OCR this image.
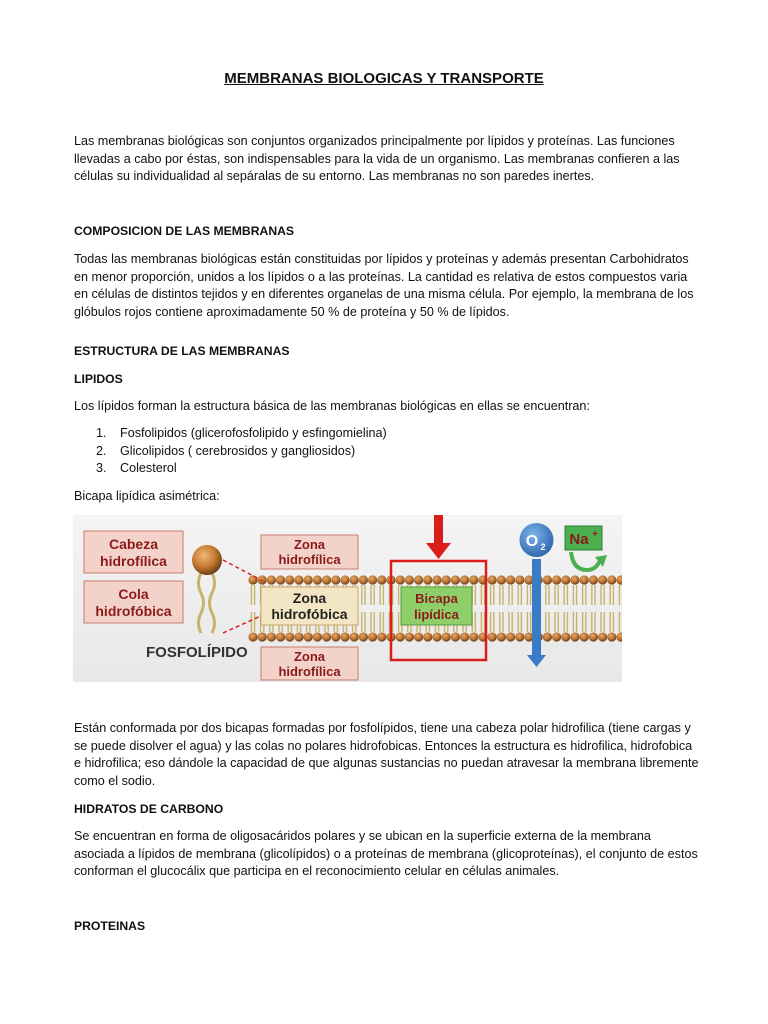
MEMBRANAS BIOLOGICAS Y TRANSPORTE
Las membranas biológicas son conjuntos organizados principalmente por lípidos y proteínas. Las funciones llevadas a cabo por éstas, son indispensables para la vida de un organismo. Las membranas confieren a las células su individualidad al sepáralas de su entorno. Las membranas no son paredes inertes.
COMPOSICION DE LAS MEMBRANAS
Todas las membranas biológicas están constituidas por lípidos y proteínas y además presentan Carbohidratos en menor proporción, unidos a los lípidos o a las proteínas. La cantidad es relativa de estos compuestos varia en células de distintos tejidos y en diferentes organelas de una misma célula. Por ejemplo, la membrana de los glóbulos rojos contiene aproximadamente 50 % de proteína y 50 % de lípidos.
ESTRUCTURA DE LAS MEMBRANAS
LIPIDOS
Los lípidos forman la estructura básica de las membranas biológicas en ellas se encuentran:
1. Fosfolipidos (glicerofosfolipido y esfingomielina)
2. Glicolipidos ( cerebrosidos y gangliosidos)
3. Colesterol
Bicapa lipídica asimétrica:
Cabeza
hidrofílica
Cola
hidrofóbica
FOSFOLÍPIDO
Zona
hidrofílica
Zona
hidrofóbica
Zona
hidrofílica
Bicapa
lipídica
O 2 Na +
Están conformada por dos bicapas formadas por fosfolípidos, tiene una cabeza polar hidrofilica (tiene cargas y se puede disolver el agua) y las colas no polares hidrofobicas. Entonces la estructura es hidrofilica, hidrofobica e hidrofilica; eso dándole la capacidad de que algunas sustancias no puedan atravesar la membrana libremente como el sodio.
HIDRATOS DE CARBONO
Se encuentran en forma de oligosacáridos polares y se ubican en la superficie externa de la membrana asociada a lípidos de membrana (glicolípidos) o a proteínas de membrana (glicoproteínas), el conjunto de estos conforman el glucocálix que participa en el reconocimiento celular en células animales.
PROTEINAS
